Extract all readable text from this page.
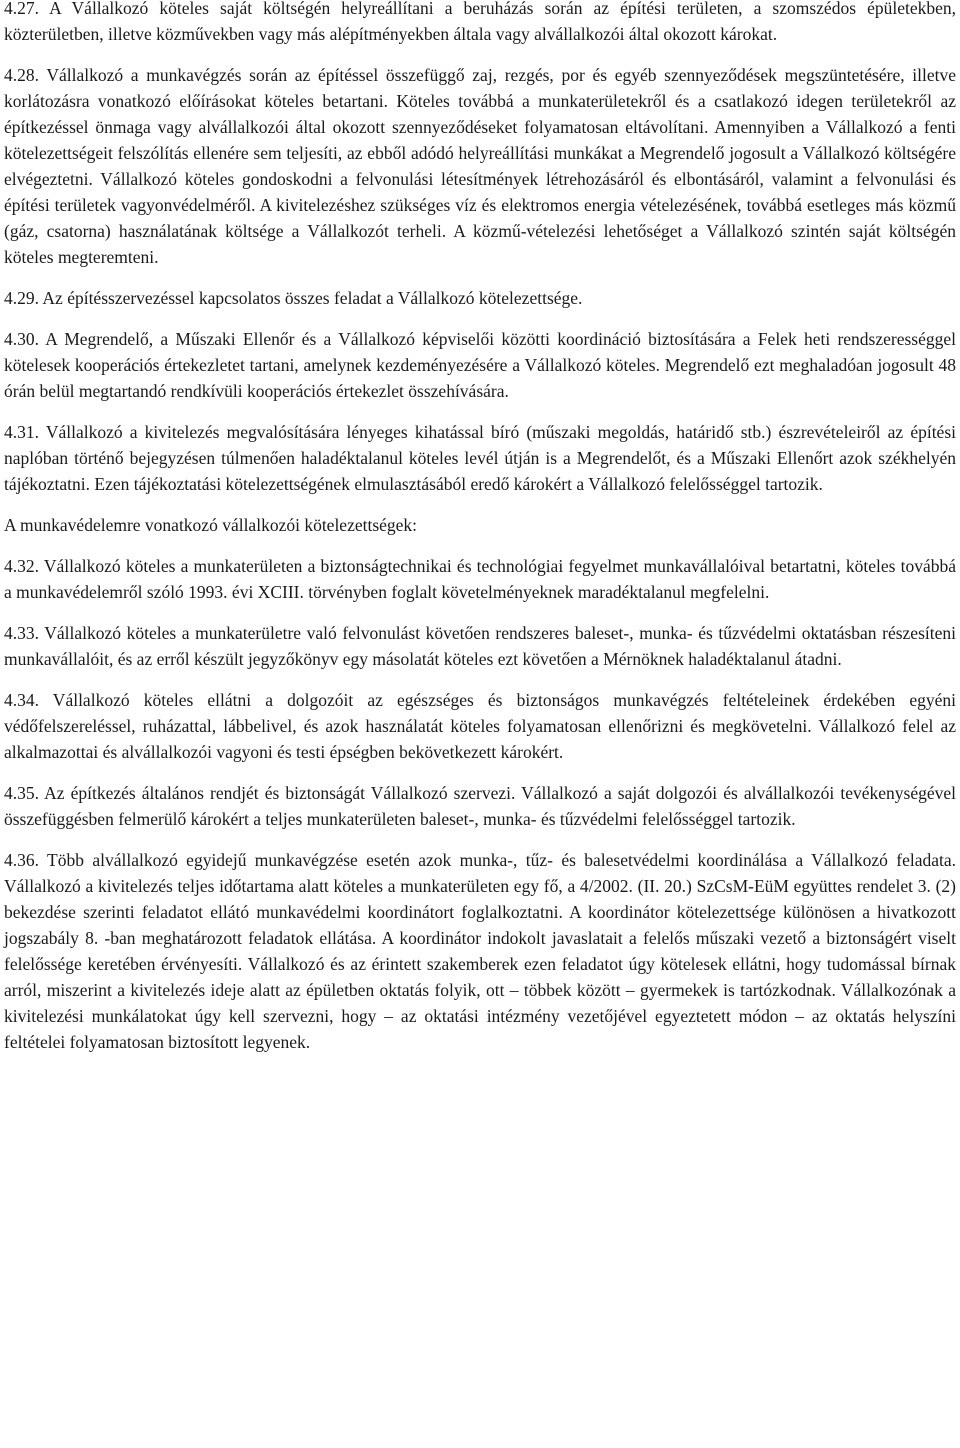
4.27. A Vállalkozó köteles saját költségén helyreállítani a beruházás során az építési területen, a szomszédos épületekben, közterületben, illetve közművekben vagy más alépítményekben általa vagy alvállalkozói által okozott károkat.

4.28. Vállalkozó a munkavégzés során az építéssel összefüggő zaj, rezgés, por és egyéb szennyeződések megszüntetésére, illetve korlátozásra vonatkozó előírásokat köteles betartani. Köteles továbbá a munkaterületekről és a csatlakozó idegen területekről az építkezéssel önmaga vagy alvállalkozói által okozott szennyeződéseket folyamatosan eltávolítani. Amennyiben a Vállalkozó a fenti kötelezettségeit felszólítás ellenére sem teljesíti, az ebből adódó helyreállítási munkákat a Megrendelő jogosult a Vállalkozó költségére elvégeztetni. Vállalkozó köteles gondoskodni a felvonulási létesítmények létrehozásáról és elbontásáról, valamint a felvonulási és építési területek vagyonvédelméről. A kivitelezéshez szükséges víz és elektromos energia vételezésének, továbbá esetleges más közmű (gáz, csatorna) használatának költsége a Vállalkozót terheli. A közmű-vételezési lehetőséget a Vállalkozó szintén saját költségén köteles megteremteni.

4.29. Az építésszervezéssel kapcsolatos összes feladat a Vállalkozó kötelezettsége.

4.30. A Megrendelő, a Műszaki Ellenőr és a Vállalkozó képviselői közötti koordináció biztosítására a Felek heti rendszerességgel kötelesek kooperációs értekezletet tartani, amelynek kezdeményezésére a Vállalkozó köteles. Megrendelő ezt meghaladóan jogosult 48 órán belül megtartandó rendkívüli kooperációs értekezlet összehívására.

4.31. Vállalkozó a kivitelezés megvalósítására lényeges kihatással bíró (műszaki megoldás, határidő stb.) észrevételeiről az építési naplóban történő bejegyzésen túlmenően haladéktalanul köteles levél útján is a Megrendelőt, és a Műszaki Ellenőrt azok székhelyén tájékoztatni. Ezen tájékoztatási kötelezettségének elmulasztásából eredő károkért a Vállalkozó felelősséggel tartozik.

A munkavédelemre vonatkozó vállalkozói kötelezettségek:

4.32. Vállalkozó köteles a munkaterületen a biztonságtechnikai és technológiai fegyelmet munkavállalóival betartatni, köteles továbbá a munkavédelemről szóló 1993. évi XCIII. törvényben foglalt követelményeknek maradéktalanul megfelelni.

4.33. Vállalkozó köteles a munkaterületre való felvonulást követően rendszeres baleset-, munka- és tűzvédelmi oktatásban részesíteni munkavállalóit, és az erről készült jegyzőkönyv egy másolatát köteles ezt követően a Mérnöknek haladéktalanul átadni.

4.34. Vállalkozó köteles ellátni a dolgozóit az egészséges és biztonságos munkavégzés feltételeinek érdekében egyéni védőfelszereléssel, ruházattal, lábbelivel, és azok használatát köteles folyamatosan ellenőrizni és megkövetelni. Vállalkozó felel az alkalmazottai és alvállalkozói vagyoni és testi épségben bekövetkezett károkért.

4.35. Az építkezés általános rendjét és biztonságát Vállalkozó szervezi. Vállalkozó a saját dolgozói és alvállalkozói tevékenységével összefüggésben felmerülő károkért a teljes munkaterületen baleset-, munka- és tűzvédelmi felelősséggel tartozik.

4.36. Több alvállalkozó egyidejű munkavégzése esetén azok munka-, tűz- és balesetvédelmi koordinálása a Vállalkozó feladata. Vállalkozó a kivitelezés teljes időtartama alatt köteles a munkaterületen egy fő, a 4/2002. (II. 20.) SzCsM-EüM együttes rendelet 3. (2) bekezdése szerinti feladatot ellátó munkavédelmi koordinátort foglalkoztatni. A koordinátor kötelezettsége különösen a hivatkozott jogszabály 8. -ban meghatározott feladatok ellátása. A koordinátor indokolt javaslatait a felelős műszaki vezető a biztonságért viselt felelőssége keretében érvényesíti. Vállalkozó és az érintett szakemberek ezen feladatot úgy kötelesek ellátni, hogy tudomással bírnak arról, miszerint a kivitelezés ideje alatt az épületben oktatás folyik, ott – többek között – gyermekek is tartózkodnak. Vállalkozónak a kivitelezési munkálatokat úgy kell szervezni, hogy – az oktatási intézmény vezetőjével egyeztetett módon – az oktatás helyszíni feltételei folyamatosan biztosított legyenek.
